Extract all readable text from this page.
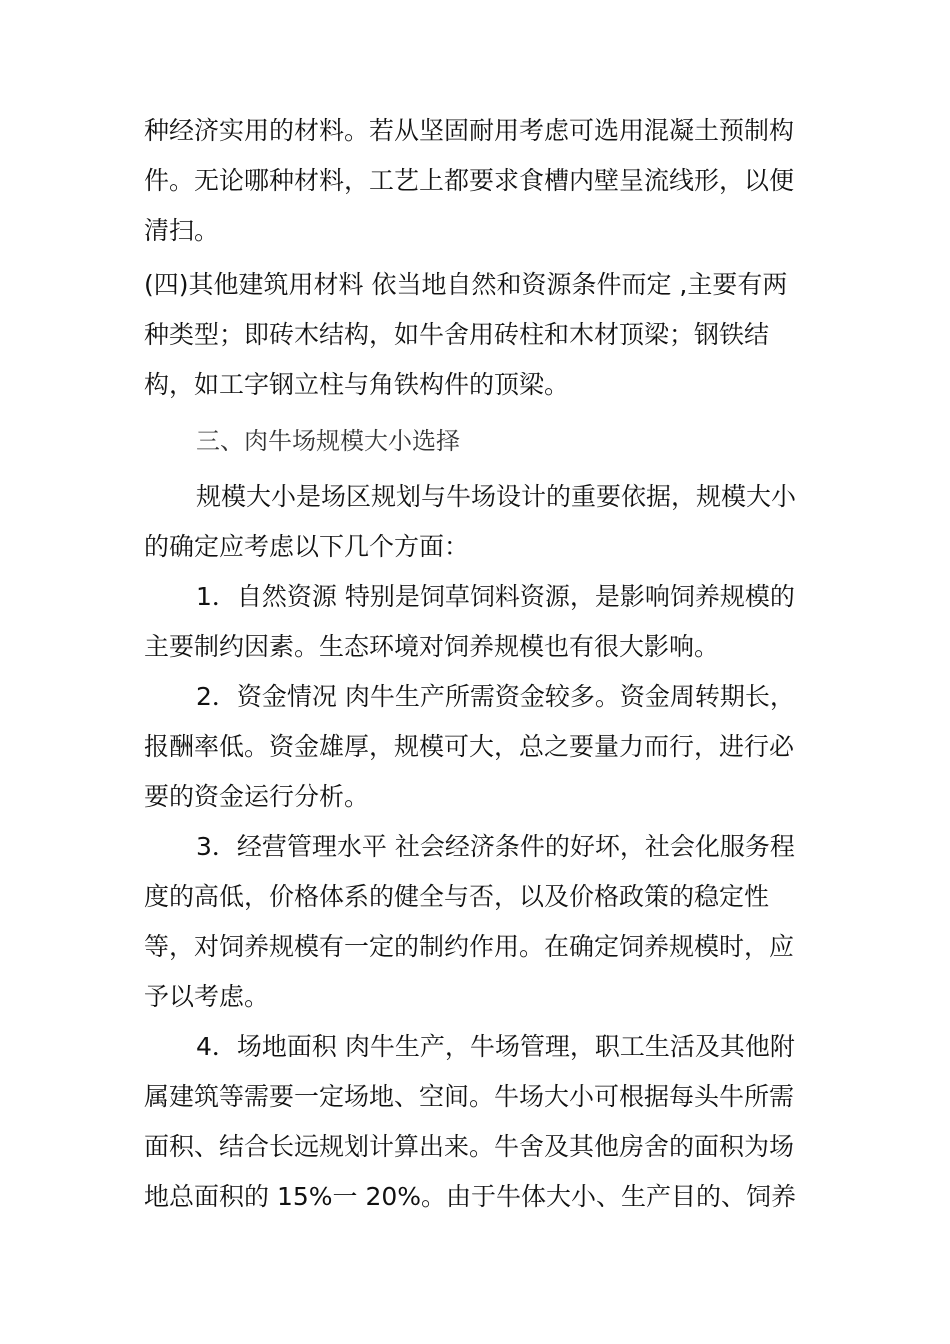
种经济实用的材料。若从坚固耐用考虑可选用混凝土预制构件。无论哪种材料，工艺上都要求食槽内壁呈流线形，以便清扫。

(四)其他建筑用材料 依当地自然和资源条件而定 ,主要有两种类型；即砖木结构，如牛舍用砖柱和木材顶梁；钢铁结构，如工字钢立柱与角铁构件的顶梁。

三、肉牛场规模大小选择

规模大小是场区规划与牛场设计的重要依据，规模大小的确定应考虑以下几个方面：

1．自然资源 特别是饲草饲料资源，是影响饲养规模的主要制约因素。生态环境对饲养规模也有很大影响。

2．资金情况 肉牛生产所需资金较多。资金周转期长，报酬率低。资金雄厚，规模可大，总之要量力而行，进行必要的资金运行分析。

3．经营管理水平 社会经济条件的好坏，社会化服务程度的高低，价格体系的健全与否，以及价格政策的稳定性等，对饲养规模有一定的制约作用。在确定饲养规模时，应予以考虑。

4．场地面积 肉牛生产，牛场管理，职工生活及其他附属建筑等需要一定场地、空间。牛场大小可根据每头牛所需面积、结合长远规划计算出来。牛舍及其他房舍的面积为场地总面积的 15%一 20%。由于牛体大小、生产目的、饲养
